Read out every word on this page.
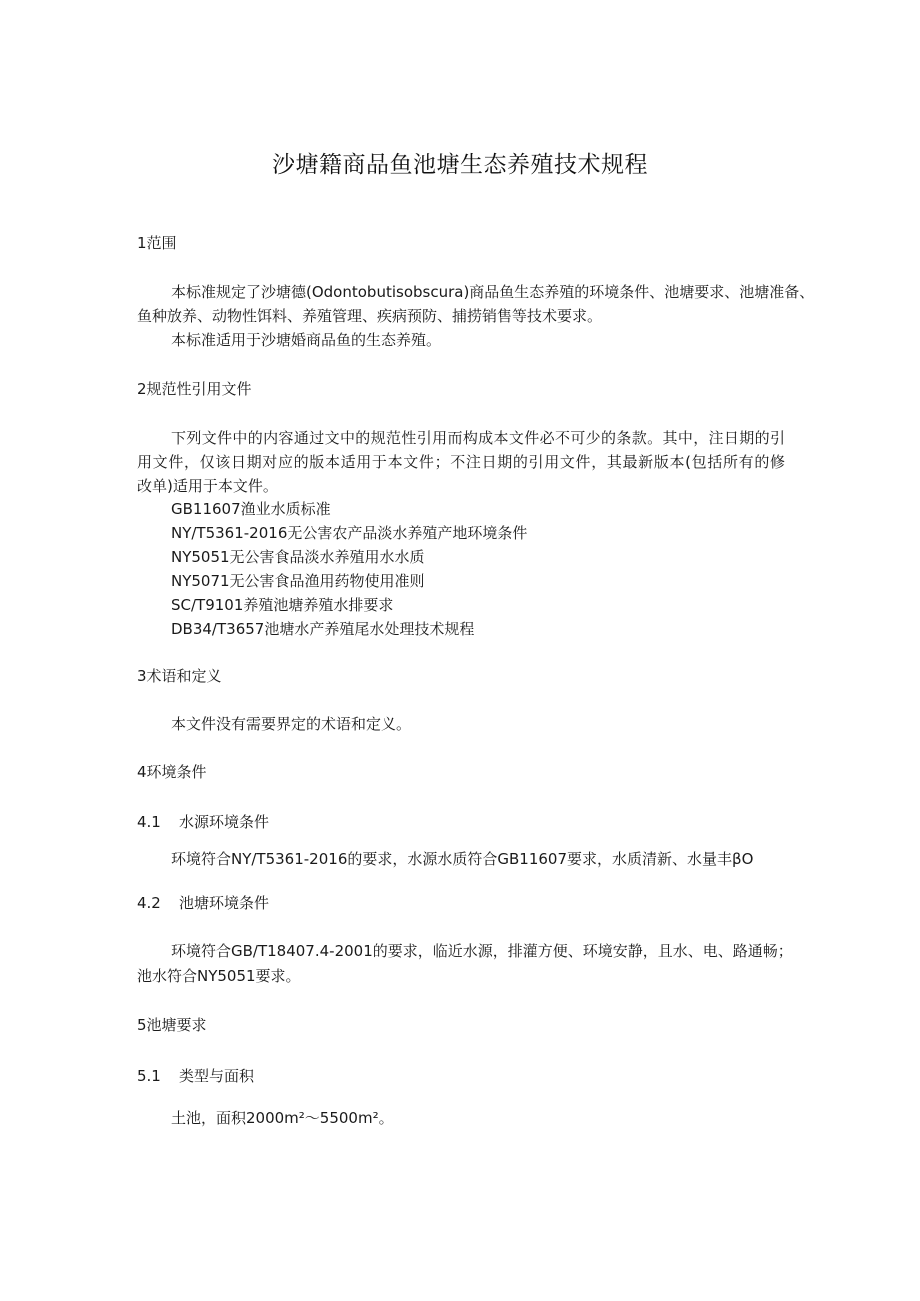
沙塘籍商品鱼池塘生态养殖技术规程
1范围
本标准规定了沙塘德(Odontobutisobscura)商品鱼生态养殖的环境条件、池塘要求、池塘准备、
鱼种放养、动物性饵料、养殖管理、疾病预防、捕捞销售等技术要求。
本标准适用于沙塘婚商品鱼的生态养殖。
2规范性引用文件
下列文件中的内容通过文中的规范性引用而构成本文件必不可少的条款。其中，注日期的引
用文件，仅该日期对应的版本适用于本文件；不注日期的引用文件，其最新版本(包括所有的修
改单)适用于本文件。
GB11607渔业水质标准
NY/T5361-2016无公害农产品淡水养殖产地环境条件
NY5051无公害食品淡水养殖用水水质
NY5071无公害食品渔用药物使用准则
SC/T9101养殖池塘养殖水排要求
DB34/T3657池塘水产养殖尾水处理技术规程
3术语和定义
本文件没有需要界定的术语和定义。
4环境条件
4.1 水源环境条件
环境符合NY/T5361-2016的要求，水源水质符合GB11607要求，水质清新、水量丰βO
4.2 池塘环境条件
环境符合GB/T18407.4-2001的要求，临近水源，排灌方便、环境安静，且水、电、路通畅；
池水符合NY5051要求。
5池塘要求
5.1 类型与面积
土池，面积2000m²～5500m²。
